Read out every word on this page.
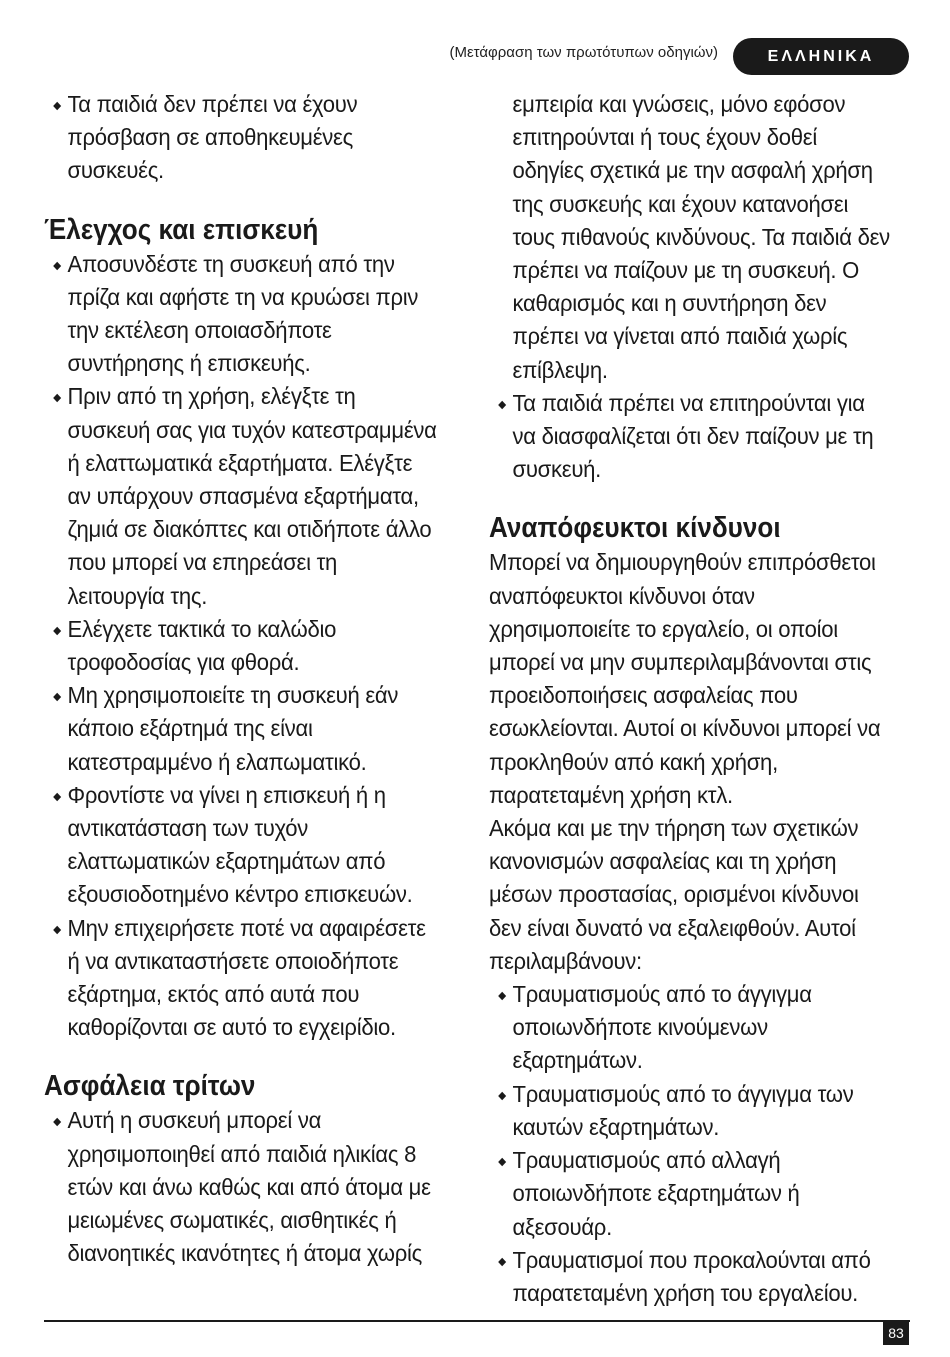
(Μετάφραση των πρωτότυπων οδηγιών)	ΕΛΛΗΝΙΚΑ

Τα παιδιά δεν πρέπει να έχουν πρόσβαση σε αποθηκευμένες συσκευές.

Έλεγχος και επισκευή

Αποσυνδέστε τη συσκευή από την πρίζα και αφήστε τη να κρυώσει πριν την εκτέλεση οποιασδήποτε συντήρησης ή επισκευής.

Πριν από τη χρήση, ελέγξτε τη συσκευή σας για τυχόν κατεστραμμένα ή ελαττωματικά εξαρτήματα. Ελέγξτε αν υπάρχουν σπασμένα εξαρτήματα, ζημιά σε διακόπτες και οτιδήποτε άλλο που μπορεί να επηρεάσει τη λειτουργία της.

Ελέγχετε τακτικά το καλώδιο τροφοδοσίας για φθορά.

Μη χρησιμοποιείτε τη συσκευή εάν κάποιο εξάρτημά της είναι κατεστραμμένο ή ελαπωματικό.

Φροντίστε να γίνει η επισκευή ή η αντικατάσταση των τυχόν ελαττωματικών εξαρτημάτων από εξουσιοδοτημένο κέντρο επισκευών.

Μην επιχειρήσετε ποτέ να αφαιρέσετε ή να αντικαταστήσετε οποιοδήποτε εξάρτημα, εκτός από αυτά που καθορίζονται σε αυτό το εγχειρίδιο.

Ασφάλεια τρίτων

Αυτή η συσκευή μπορεί να χρησιμοποιηθεί από παιδιά ηλικίας 8 ετών και άνω καθώς και από άτομα με μειωμένες σωματικές, αισθητικές ή διανοητικές ικανότητες ή άτομα χωρίς

εμπειρία και γνώσεις, μόνο εφόσον επιτηρούνται ή τους έχουν δοθεί οδηγίες σχετικά με την ασφαλή χρήση της συσκευής και έχουν κατανοήσει τους πιθανούς κινδύνους. Τα παιδιά δεν πρέπει να παίζουν με τη συσκευή. Ο καθαρισμός και η συντήρηση δεν πρέπει να γίνεται από παιδιά χωρίς επίβλεψη.

Τα παιδιά πρέπει να επιτηρούνται για να διασφαλίζεται ότι δεν παίζουν με τη συσκευή.

Αναπόφευκτοι κίνδυνοι

Μπορεί να δημιουργηθούν επιπρόσθετοι αναπόφευκτοι κίνδυνοι όταν χρησιμοποιείτε το εργαλείο, οι οποίοι μπορεί να μην συμπεριλαμβάνονται στις προειδοποιήσεις ασφαλείας που εσωκλείονται. Αυτοί οι κίνδυνοι μπορεί να προκληθούν από κακή χρήση, παρατεταμένη χρήση κτλ.

Ακόμα και με την τήρηση των σχετικών κανονισμών ασφαλείας και τη χρήση μέσων προστασίας, ορισμένοι κίνδυνοι δεν είναι δυνατό να εξαλειφθούν. Αυτοί περιλαμβάνουν:

Τραυματισμούς από το άγγιγμα οποιωνδήποτε κινούμενων εξαρτημάτων.

Τραυματισμούς από το άγγιγμα των καυτών εξαρτημάτων.

Τραυματισμούς από αλλαγή οποιωνδήποτε εξαρτημάτων ή αξεσουάρ.

Τραυματισμοί που προκαλούνται από παρατεταμένη χρήση του εργαλείου.

83
